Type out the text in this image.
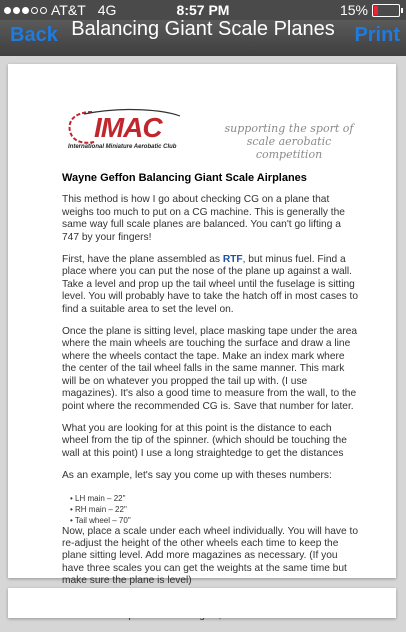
AT&T 4G	8:57 PM	15%
Back Balancing Giant Scale Planes Print
IMAC
International Miniature Aerobatic Club
supporting the sport of
scale aerobatic competition
Wayne Geffon Balancing Giant Scale Airplanes

This method is how I go about checking CG on a plane that weighs too much to put on a CG machine. This is generally the same way full scale planes are balanced. You can't go lifting a 747 by your fingers!

First, have the plane assembled as RTF, but minus fuel. Find a place where you can put the nose of the plane up against a wall. Take a level and prop up the tail wheel until the fuselage is sitting level. You will probably have to take the hatch off in most cases to find a suitable area to set the level on.

Once the plane is sitting level, place masking tape under the area where the main wheels are touching the surface and draw a line where the wheels contact the tape. Make an index mark where the center of the tail wheel falls in the same manner. This mark will be on whatever you propped the tail up with. (I use magazines). It's also a good time to measure from the wall, to the point where the recommended CG is. Save that number for later.

What you are looking for at this point is the distance to each wheel from the tip of the spinner. (which should be touching the wall at this point) I use a long straightedge to get the distances

As an example, let's say you come up with theses numbers:

• LH main – 22"
• RH main – 22"
• Tail wheel – 70"

Now, place a scale under each wheel individually. You will have to re-adjust the height of the other wheels each time to keep the plane sitting level. Add more magazines as necessary. (If you have three scales you can get the weights at the same time but make sure the plane is level)
